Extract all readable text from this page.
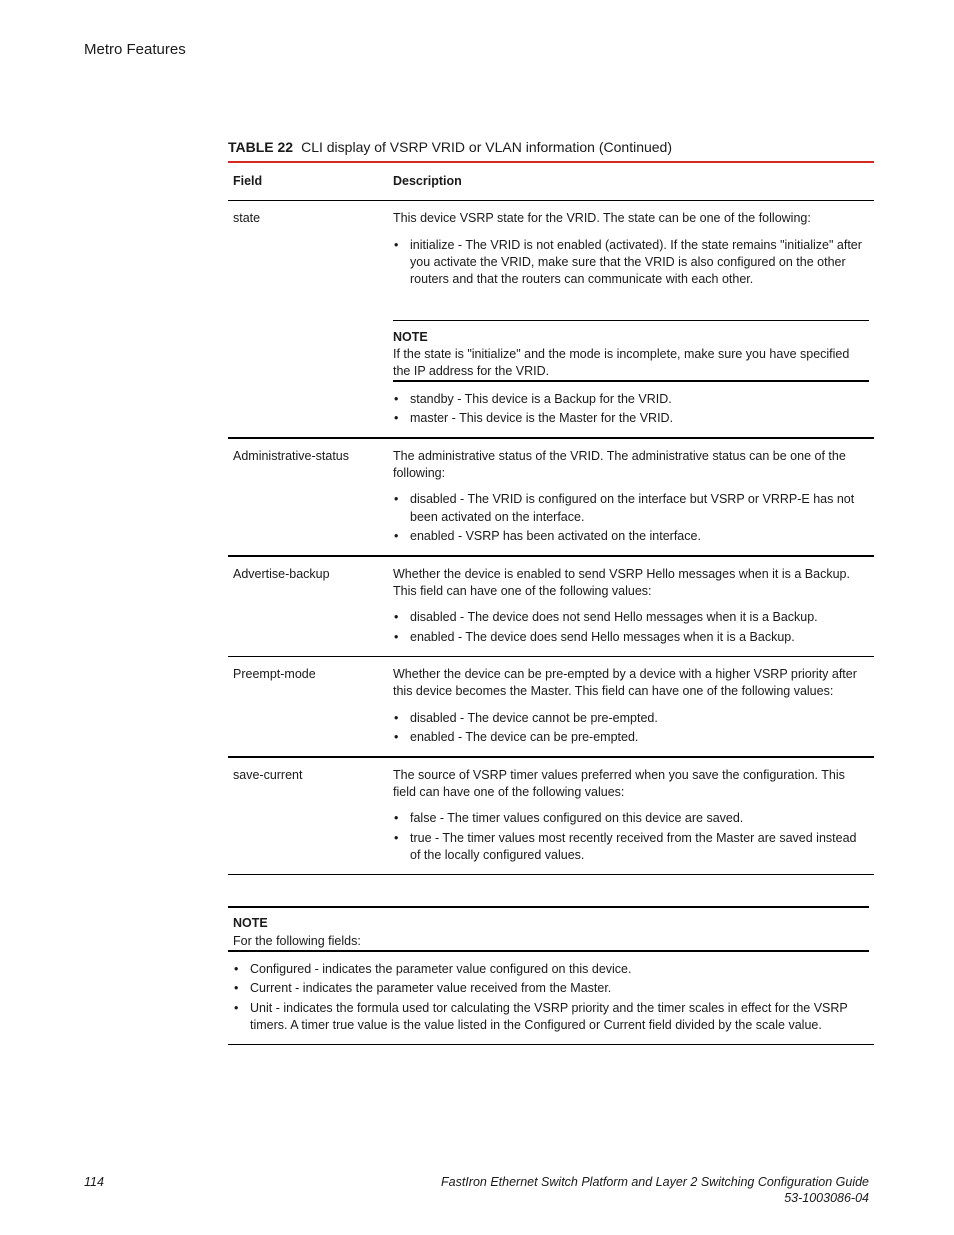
Metro Features
TABLE 22 CLI display of VSRP VRID or VLAN information (Continued)
Field	Description
state	This device VSRP state for the VRID. The state can be one of the following:
• initialize - The VRID is not enabled (activated). If the state remains "initialize" after
you activate the VRID, make sure that the VRID is also configured on the other
routers and that the routers can communicate with each other.
NOTE
If the state is "initialize" and the mode is incomplete, make sure you have specified
the IP address for the VRID.
• standby - This device is a Backup for the VRID.
• master - This device is the Master for the VRID.
Administrative-status	The administrative status of the VRID. The administrative status can be one of the
following:
• disabled - The VRID is configured on the interface but VSRP or VRRP-E has not
been activated on the interface.
• enabled - VSRP has been activated on the interface.
Advertise-backup	Whether the device is enabled to send VSRP Hello messages when it is a Backup.
This field can have one of the following values:
• disabled - The device does not send Hello messages when it is a Backup.
• enabled - The device does send Hello messages when it is a Backup.
Preempt-mode	Whether the device can be pre-empted by a device with a higher VSRP priority after
this device becomes the Master. This field can have one of the following values:
• disabled - The device cannot be pre-empted.
• enabled - The device can be pre-empted.
save-current	The source of VSRP timer values preferred when you save the configuration. This
field can have one of the following values:
• false - The timer values configured on this device are saved.
• true - The timer values most recently received from the Master are saved instead
of the locally configured values.
NOTE
For the following fields:
• Configured - indicates the parameter value configured on this device.
• Current - indicates the parameter value received from the Master.
• Unit - indicates the formula used tor calculating the VSRP priority and the timer scales in effect for the VSRP
timers. A timer true value is the value listed in the Configured or Current field divided by the scale value.
114	FastIron Ethernet Switch Platform and Layer 2 Switching Configuration Guide
53-1003086-04
